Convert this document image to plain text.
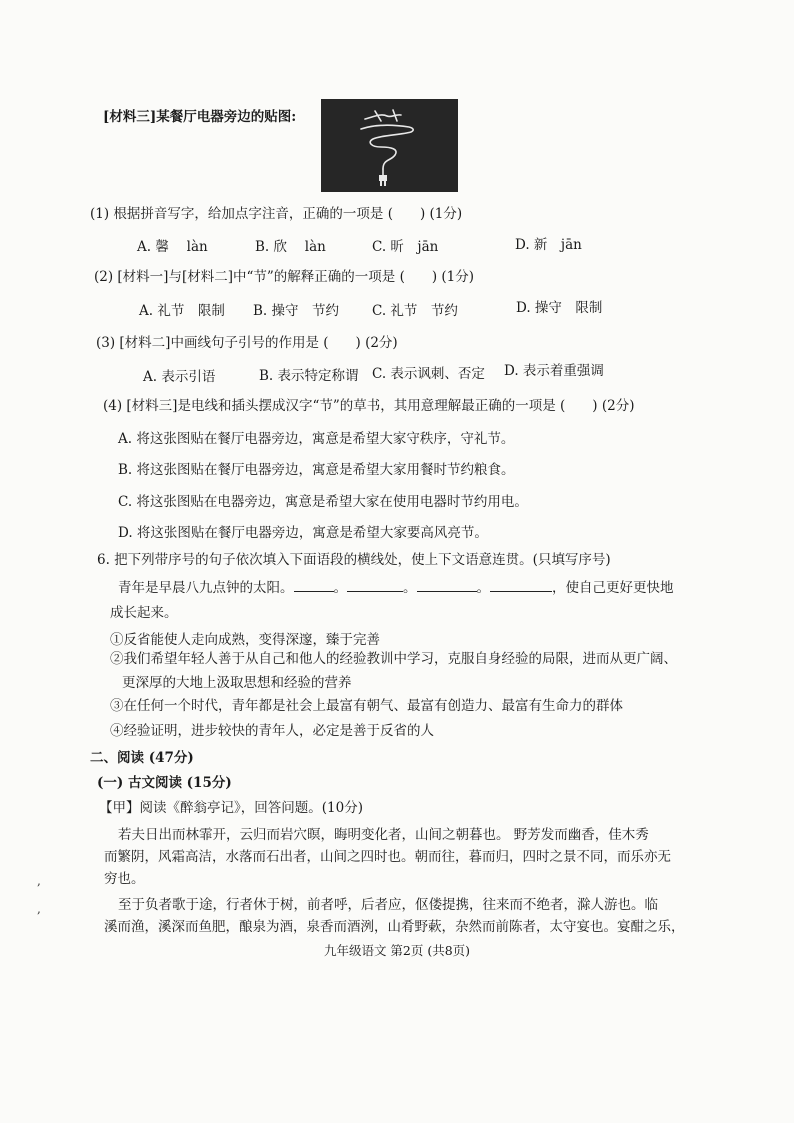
[材料三]某餐厅电器旁边的贴图:
(1) 根据拼音写字，给加点字注音，正确的一项是 (　　) (1分)
A. 馨　 làn	B. 欣　 làn	C. 昕　jān	D. 新　jān
(2) [材料一]与[材料二]中“节”的解释正确的一项是 (　　) (1分)
A. 礼节　限制 B. 操守　节约 C. 礼节　节约	D. 操守　限制
(3) [材料二]中画线句子引号的作用是 (　　) (2分)
A. 表示引语	B. 表示特定称谓 C. 表示讽刺、否定 D. 表示着重强调
(4) [材料三]是电线和插头摆成汉字“节”的草书，其用意理解最正确的一项是 (　　) (2分)
A. 将这张图贴在餐厅电器旁边，寓意是希望大家守秩序，守礼节。
B. 将这张图贴在餐厅电器旁边，寓意是希望大家用餐时节约粮食。
C. 将这张图贴在电器旁边，寓意是希望大家在使用电器时节约用电。
D. 将这张图贴在餐厅电器旁边，寓意是希望大家要高风亮节。
6. 把下列带序号的句子依次填入下面语段的横线处，使上下文语意连贯。(只填写序号)
青年是早晨八九点钟的太阳。	。	。	。	，使自己更好更快地
成长起来。
①反省能使人走向成熟，变得深邃，臻于完善
②我们希望年轻人善于从自己和他人的经验教训中学习，克服自身经验的局限，进而从更广阔、
更深厚的大地上汲取思想和经验的营养
③在任何一个时代，青年都是社会上最富有朝气、最富有创造力、最富有生命力的群体
④经验证明，进步较快的青年人，必定是善于反省的人
二、阅读 (47分)
(一) 古文阅读 (15分)
【甲】阅读《醉翁亭记》，回答问题。(10分)
若夫日出而林霏开，云归而岩穴暝，晦明变化者，山间之朝暮也。 野芳发而幽香，佳木秀
而繁阴，风霜高洁，水落而石出者，山间之四时也。朝而往，暮而归，四时之景不同，而乐亦无
穷也。
至于负者歌于途，行者休于树，前者呼，后者应，伛偻提携，往来而不绝者，滁人游也。临
溪而渔，溪深而鱼肥，酿泉为酒，泉香而酒洌，山肴野蔌，杂然而前陈者，太守宴也。宴酣之乐，
九年级语文 第2页 (共8页)
,
,
